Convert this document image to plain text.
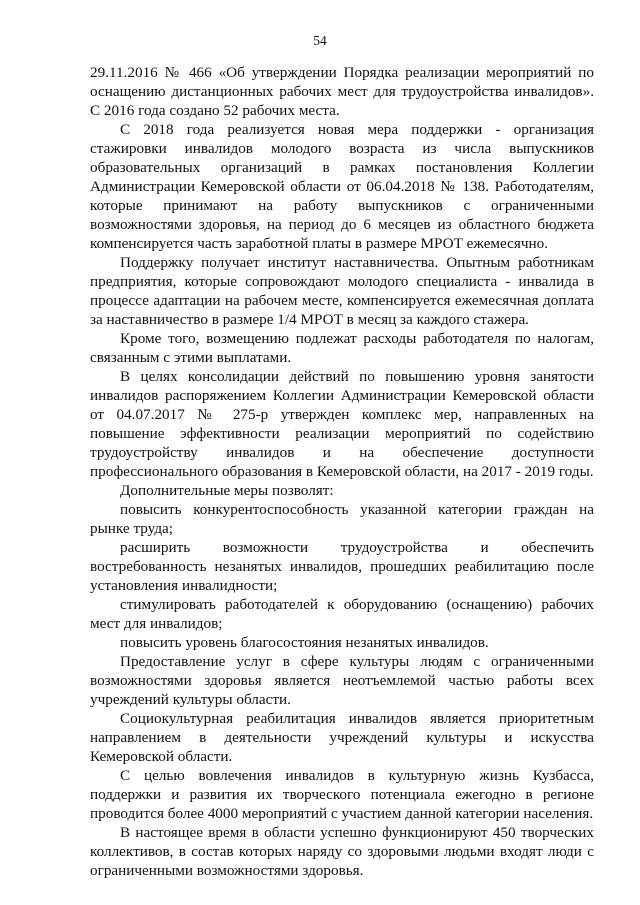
54

29.11.2016 № 466 «Об утверждении Порядка реализации мероприятий по оснащению дистанционных рабочих мест для трудоустройства инвалидов». С 2016 года создано 52 рабочих места.

С 2018 года реализуется новая мера поддержки - организация стажировки инвалидов молодого возраста из числа выпускников образовательных организаций в рамках постановления Коллегии Администрации Кемеровской области от 06.04.2018 № 138. Работодателям, которые принимают на работу выпускников с ограниченными возможностями здоровья, на период до 6 месяцев из областного бюджета компенсируется часть заработной платы в размере МРОТ ежемесячно.

Поддержку получает институт наставничества. Опытным работникам предприятия, которые сопровождают молодого специалиста - инвалида в процессе адаптации на рабочем месте, компенсируется ежемесячная доплата за наставничество в размере 1/4 МРОТ в месяц за каждого стажера.

Кроме того, возмещению подлежат расходы работодателя по налогам, связанным с этими выплатами.

В целях консолидации действий по повышению уровня занятости инвалидов распоряжением Коллегии Администрации Кемеровской области от 04.07.2017 № 275-р утвержден комплекс мер, направленных на повышение эффективности реализации мероприятий по содействию трудоустройству инвалидов и на обеспечение доступности профессионального образования в Кемеровской области, на 2017 - 2019 годы.

Дополнительные меры позволят:

повысить конкурентоспособность указанной категории граждан на рынке труда;

расширить возможности трудоустройства и обеспечить востребованность незанятых инвалидов, прошедших реабилитацию после установления инвалидности;

стимулировать работодателей к оборудованию (оснащению) рабочих мест для инвалидов;

повысить уровень благосостояния незанятых инвалидов.

Предоставление услуг в сфере культуры людям с ограниченными возможностями здоровья является неотъемлемой частью работы всех учреждений культуры области.

Социокультурная реабилитация инвалидов является приоритетным направлением в деятельности учреждений культуры и искусства Кемеровской области.

С целью вовлечения инвалидов в культурную жизнь Кузбасса, поддержки и развития их творческого потенциала ежегодно в регионе проводится более 4000 мероприятий с участием данной категории населения.

В настоящее время в области успешно функционируют 450 творческих коллективов, в состав которых наряду со здоровыми людьми входят люди с ограниченными возможностями здоровья.
